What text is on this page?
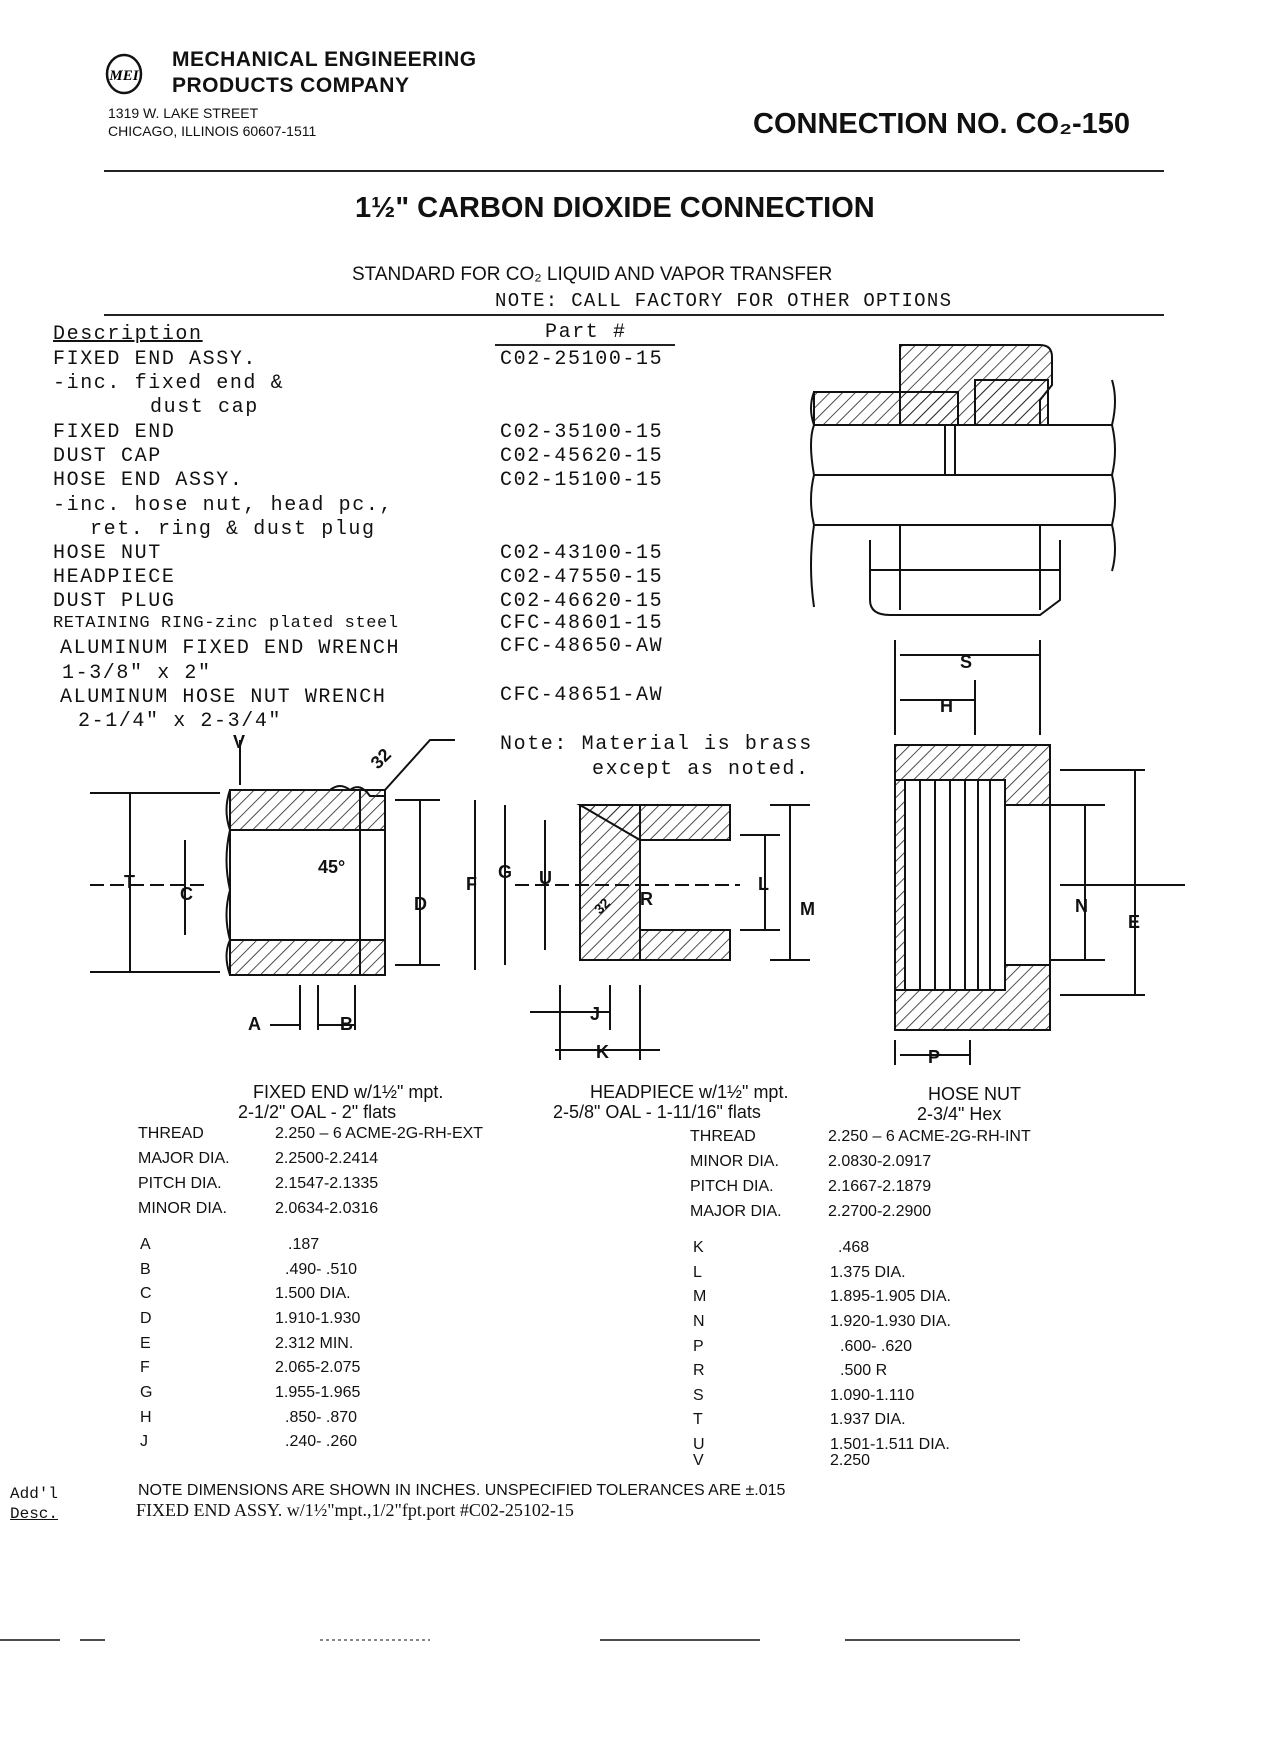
MEI
MECHANICAL ENGINEERING
PRODUCTS COMPANY
1319 W. LAKE STREET
CHICAGO, ILLINOIS 60607-1511	CONNECTION NO. CO₂-150
1½" CARBON DIOXIDE CONNECTION
STANDARD FOR CO₂ LIQUID AND VAPOR TRANSFER
NOTE: CALL FACTORY FOR OTHER OPTIONS
Description	Part #
FIXED END ASSY.	C02-25100-15
-inc. fixed end &
dust cap
FIXED END	C02-35100-15
DUST CAP	C02-45620-15
HOSE END ASSY.	C02-15100-15
-inc. hose nut, head pc.,
ret. ring & dust plug
HOSE NUT	C02-43100-15
HEADPIECE	C02-47550-15
DUST PLUG	C02-46620-15
RETAINING RING-zinc plated steel	CFC-48601-15
ALUMINUM FIXED END WRENCH	CFC-48650-AW
1-3/8" x 2"
ALUMINUM HOSE NUT WRENCH	CFC-48651-AW
2-1/4" x 2-3/4"
Note: Material is brass
except as noted.
V
T
C	D
A	B
45°
32
F
G U
R
32
L
M
J
K
S
H
N
E
P
FIXED END w/1½" mpt.
2-1/2" OAL - 2" flats
HEADPIECE w/1½" mpt.
2-5/8" OAL - 1-11/16" flats
HOSE NUT
2-3/4" Hex
THREAD	2.250 – 6 ACME-2G-RH-EXT
MAJOR DIA.	2.2500-2.2414
PITCH DIA.	2.1547-2.1335
MINOR DIA.	2.0634-2.0316
THREAD	2.250 – 6 ACME-2G-RH-INT
MINOR DIA.	2.0830-2.0917
PITCH DIA.	2.1667-2.1879
MAJOR DIA.	2.2700-2.2900
A	.187
B	.490- .510
C	1.500 DIA.
D	1.910-1.930
E	2.312 MIN.
F	2.065-2.075
G	1.955-1.965
H	.850- .870
J	.240- .260
K	.468
L	1.375 DIA.
M	1.895-1.905 DIA.
N	1.920-1.930 DIA.
P	.600- .620
R	.500 R
S	1.090-1.110
T	1.937 DIA.
U	1.501-1.511 DIA.
V	2.250
NOTE DIMENSIONS ARE SHOWN IN INCHES. UNSPECIFIED TOLERANCES ARE ±.015
Add'l
Desc.	FIXED END ASSY. w/1½"mpt.,1/2"fpt.port #C02-25102-15
